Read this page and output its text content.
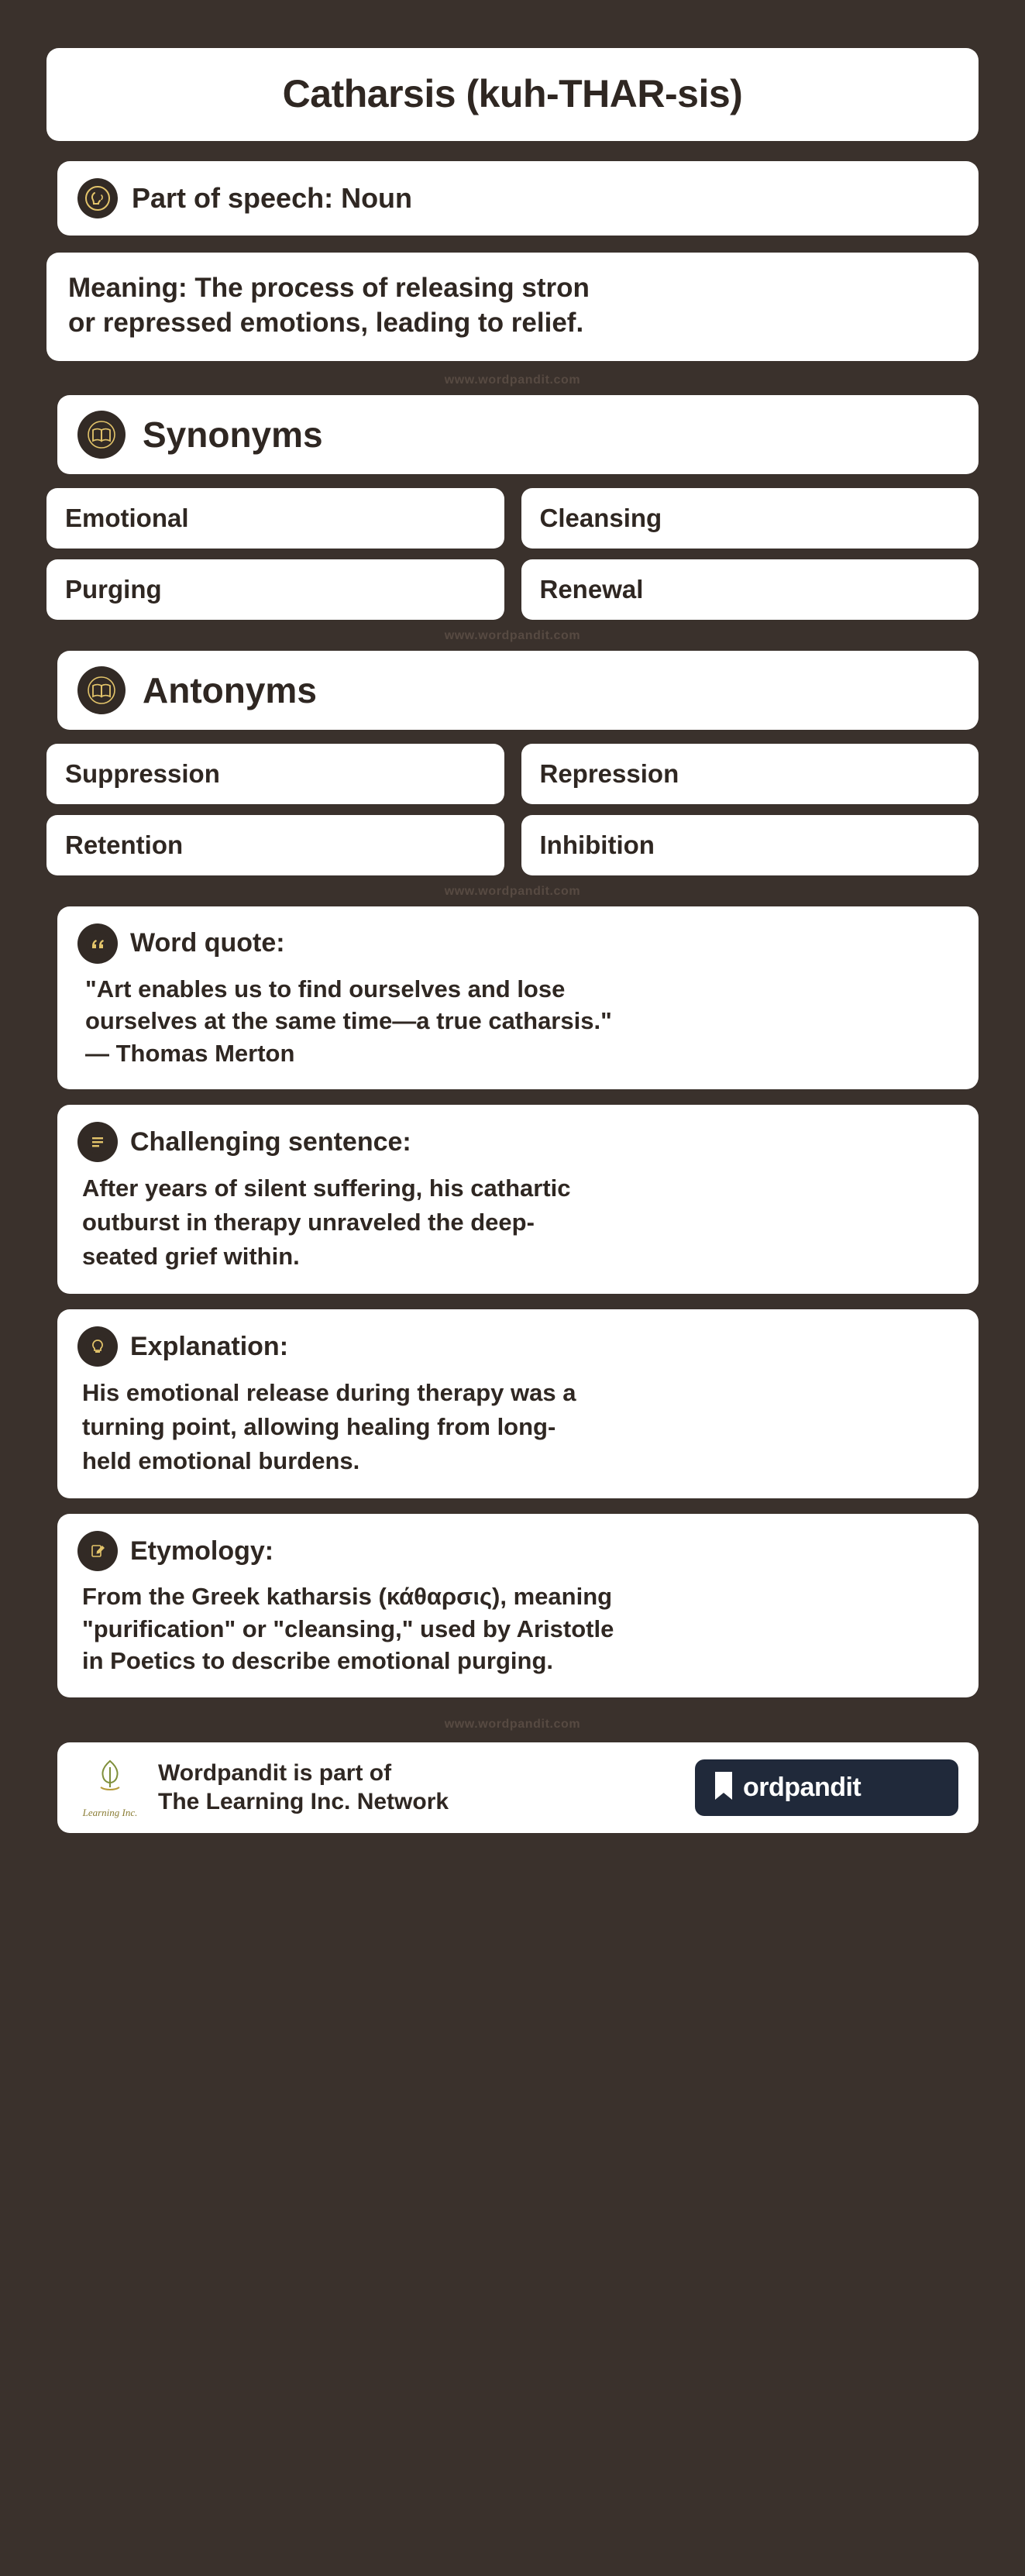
Catharsis (kuh-THAR-sis)
Part of speech: Noun
Meaning: The process of releasing stron
or repressed emotions, leading to relief.
www.wordpandit.com
Synonyms
Emotional	Cleansing
Purging	Renewal
www.wordpandit.com
Antonyms
Suppression	Repression
Retention	Inhibition
www.wordpandit.com
Word quote:
"Art enables us to find ourselves and lose
ourselves at the same time—a true catharsis."
— Thomas Merton
Challenging sentence:
After years of silent suffering, his cathartic
outburst in therapy unraveled the deep-
seated grief within.
Explanation:
His emotional release during therapy was a
turning point, allowing healing from long-
held emotional burdens.
Etymology:
From the Greek katharsis (κάθαρσις), meaning
"purification" or "cleansing," used by Aristotle
in Poetics to describe emotional purging.
www.wordpandit.com
Learning Inc.
Wordpandit is part of
The Learning Inc. Network	ordpandit
